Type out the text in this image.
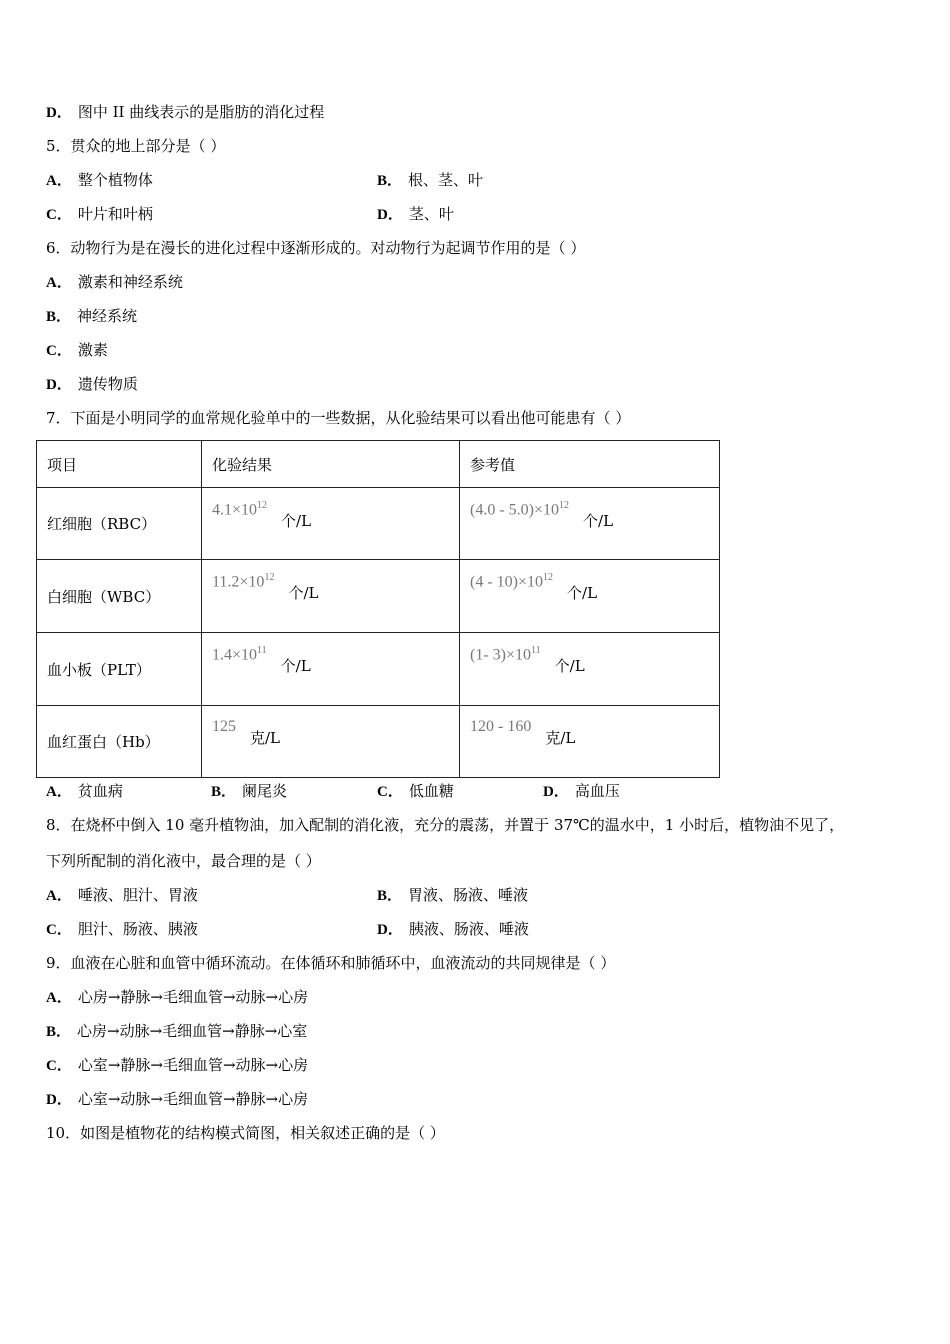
D． 图中 II 曲线表示的是脂肪的消化过程
5．贯众的地上部分是（ ）
A． 整个植物体	B． 根、茎、叶
C． 叶片和叶柄	D． 茎、叶
6．动物行为是在漫长的进化过程中逐渐形成的。对动物行为起调节作用的是（ ）
A． 激素和神经系统
B． 神经系统
C． 激素
D． 遗传物质
7．下面是小明同学的血常规化验单中的一些数据，从化验结果可以看出他可能患有（ ）
项目	化验结果	参考值
红细胞（RBC）	$4.1\times 10^{12}$个/L	$(4.0 - 5.0)\times 10^{12}$个/L
白细胞（WBC）	$11.2\times 10^{12}$个/L	$(4 - 10)\times 10^{12}$个/L
血小板（PLT）	$1.4\times 10^{11}$个/L	(1- $3)\times 10^{11}$个/L
血红蛋白（Hb）	125克/L	120 - 160克/L
A． 贫血病	B． 阑尾炎	C． 低血糖	D． 高血压
8．在烧杯中倒入 10 毫升植物油，加入配制的消化液，充分的震荡，并置于 37℃的温水中，1 小时后，植物油不见了，
下列所配制的消化液中，最合理的是（ ）
A． 唾液、胆汁、胃液	B． 胃液、肠液、唾液
C． 胆汁、肠液、胰液	D． 胰液、肠液、唾液
9．血液在心脏和血管中循环流动。在体循环和肺循环中，血液流动的共同规律是（ ）
A． 心房→静脉→毛细血管→动脉→心房
B． 心房→动脉→毛细血管→静脉→心室
C． 心室→静脉→毛细血管→动脉→心房
D． 心室→动脉→毛细血管→静脉→心房
10．如图是植物花的结构模式简图，相关叙述正确的是（ ）
